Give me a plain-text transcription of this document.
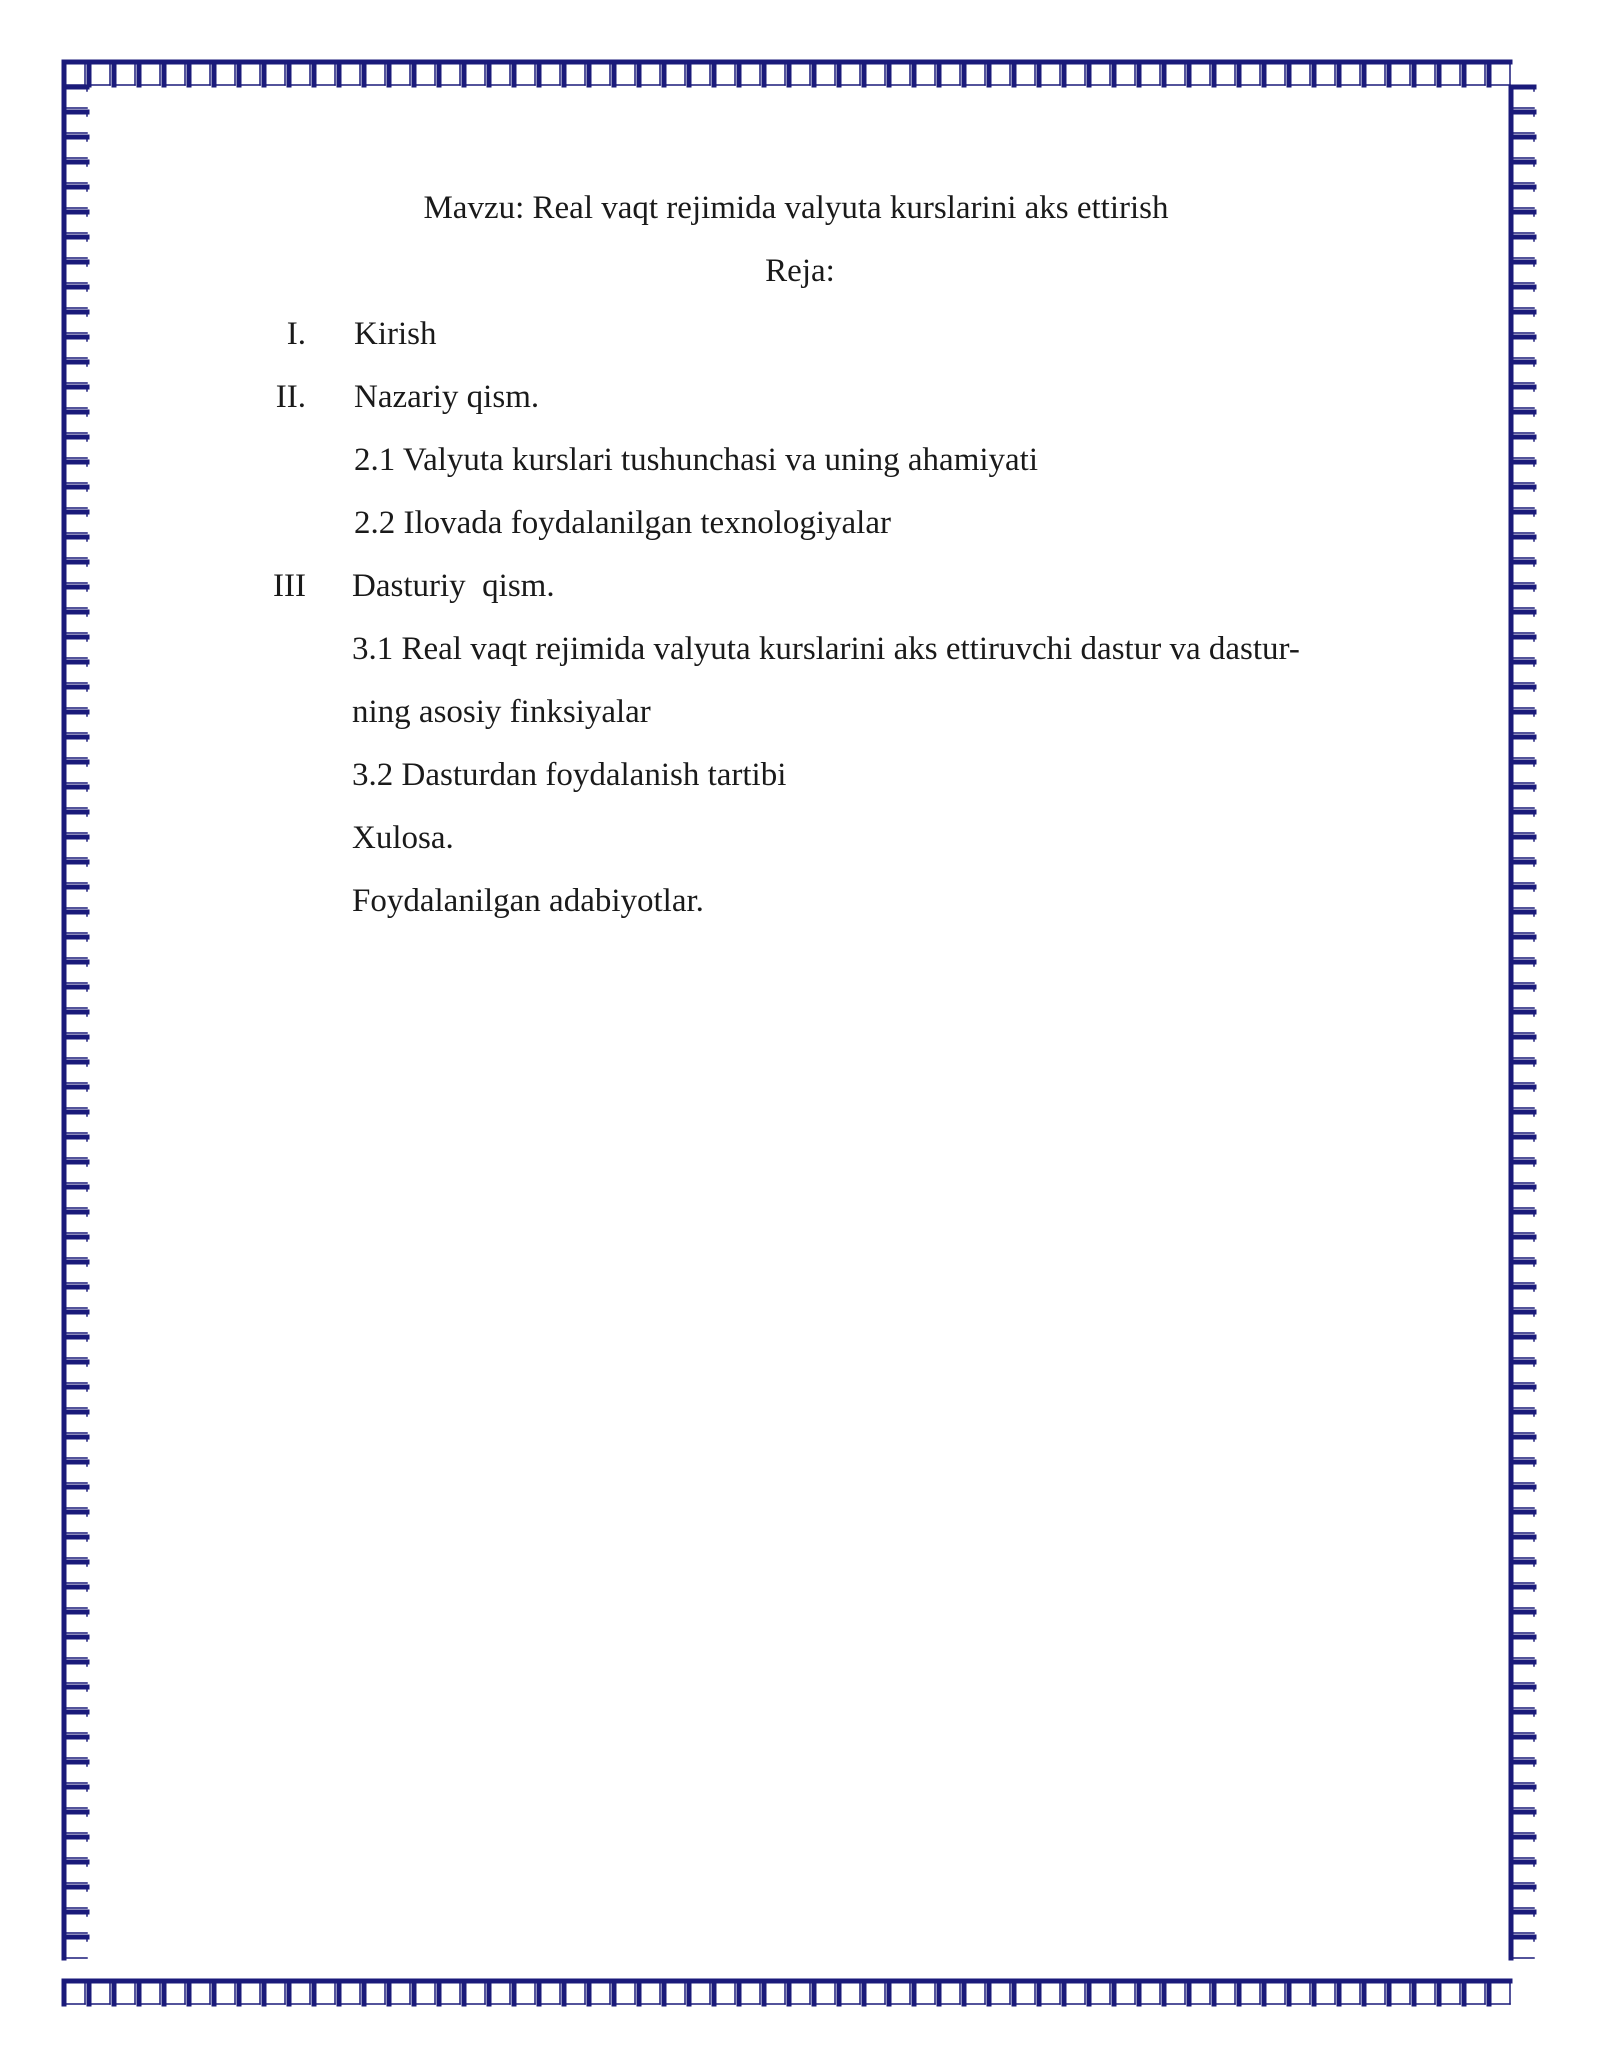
Mavzu: Real vaqt rejimida valyuta kurslarini aks ettirish
Reja:
I. Kirish
II. Nazariy qism.
2.1 Valyuta kurslari tushunchasi va uning ahamiyati
2.2 Ilovada foydalanilgan texnologiyalar
III Dasturiy  qism.
3.1 Real vaqt rejimida valyuta kurslarini aks ettiruvchi dastur va dastur-
ning asosiy finksiyalar
3.2 Dasturdan foydalanish tartibi
Xulosa.
Foydalanilgan adabiyotlar.
